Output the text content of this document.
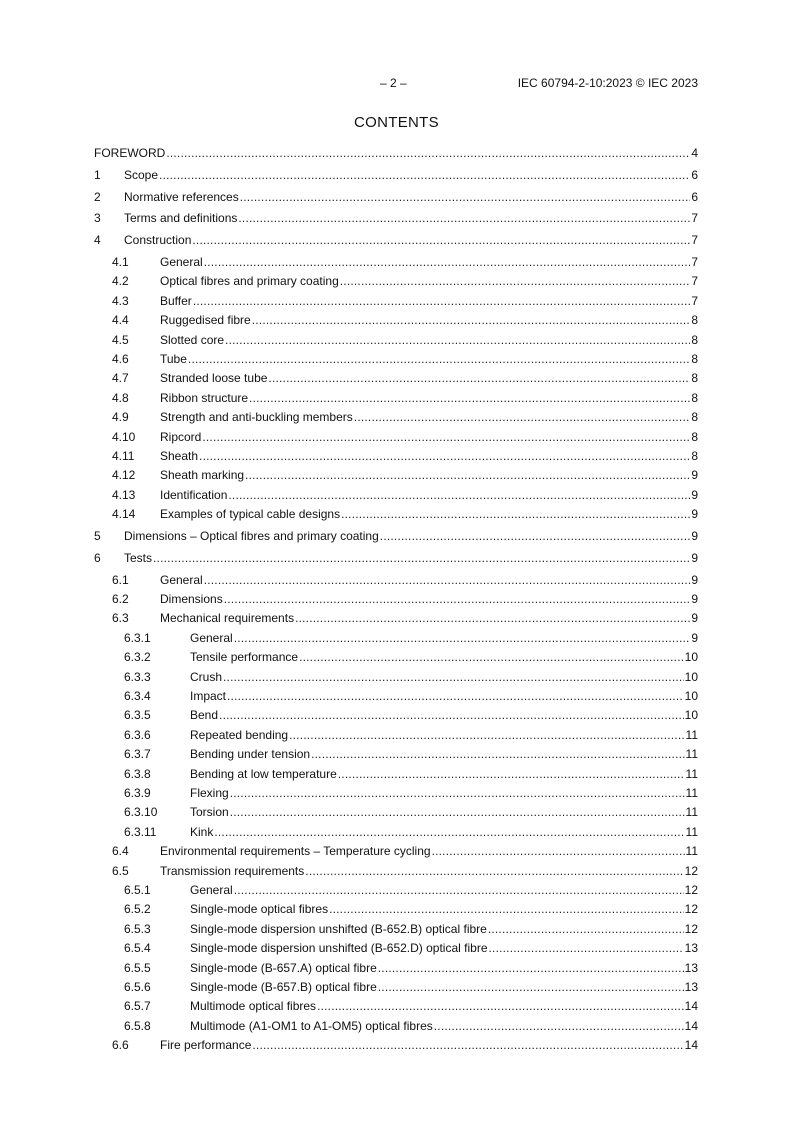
– 2 –	IEC 60794-2-10:2023 © IEC 2023
CONTENTS
FOREWORD .....	4
1 Scope .....	6
2 Normative references .....	6
3 Terms and definitions .....	7
4 Construction .....	7
4.1	General .....	7
4.2	Optical fibres and primary coating .....	7
4.3	Buffer .....	7
4.4	Ruggedised fibre .....	8
4.5	Slotted core .....	8
4.6	Tube .....	8
4.7	Stranded loose tube .....	8
4.8	Ribbon structure .....	8
4.9	Strength and anti-buckling members .....	8
4.10 Ripcord .....	8
4.11 Sheath .....	8
4.12 Sheath marking .....	9
4.13 Identification .....	9
4.14 Examples of typical cable designs .....	9
5 Dimensions – Optical fibres and primary coating .....	9
6 Tests .....	9
6.1	General .....	9
6.2	Dimensions .....	9
6.3	Mechanical requirements .....	9
6.3.1	General .....	9
6.3.2	Tensile performance .....	10
6.3.3	Crush .....	10
6.3.4	Impact .....	10
6.3.5	Bend .....	10
6.3.6	Repeated bending .....	11
6.3.7	Bending under tension .....	11
6.3.8	Bending at low temperature .....	11
6.3.9	Flexing .....	11
6.3.10	Torsion .....	11
6.3.11	Kink .....	11
6.4	Environmental requirements – Temperature cycling .....	11
6.5	Transmission requirements .....	12
6.5.1	General .....	12
6.5.2	Single-mode optical fibres .....	12
6.5.3	Single-mode dispersion unshifted (B-652.B) optical fibre .....	12
6.5.4	Single-mode dispersion unshifted (B-652.D) optical fibre .....	13
6.5.5	Single-mode (B-657.A) optical fibre .....	13
6.5.6	Single-mode (B-657.B) optical fibre .....	13
6.5.7	Multimode optical fibres .....	14
6.5.8	Multimode (A1-OM1 to A1-OM5) optical fibres .....	14
6.6	Fire performance .....	14
